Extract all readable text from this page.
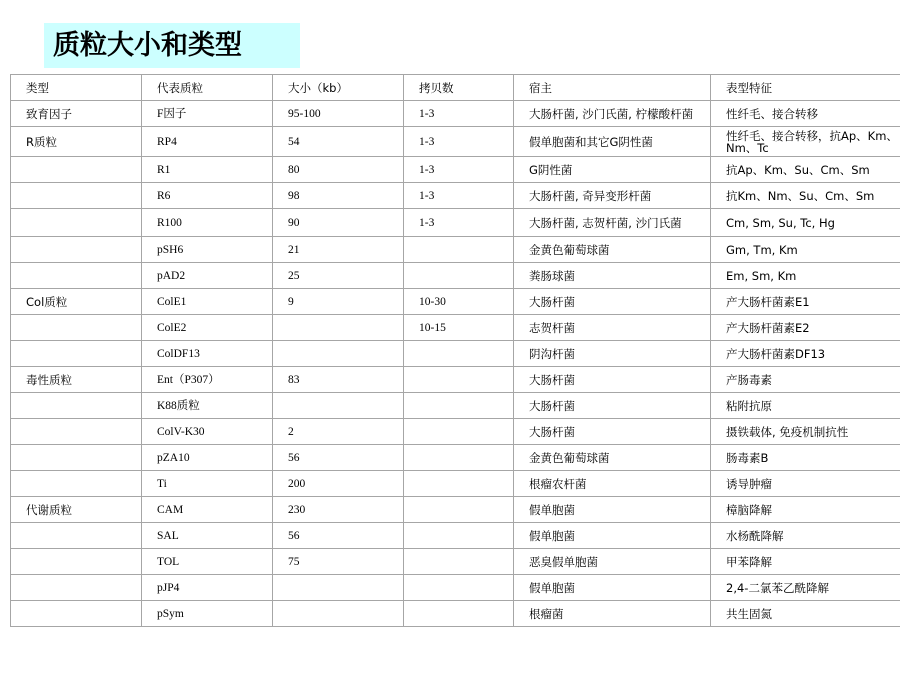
质粒大小和类型
类型	代表质粒	大小（kb）	拷贝数	宿主	表型特征
致育因子	F因子	95-100	1-3	大肠杆菌, 沙门氏菌, 柠檬酸杆菌	性纤毛、接合转移
R质粒	RP4	54	1-3	假单胞菌和其它G阴性菌	性纤毛、接合转移，抗Ap、Km、Nm、Tc
	R1	80	1-3	G阴性菌	抗Ap、Km、Su、Cm、Sm
	R6	98	1-3	大肠杆菌, 奇异变形杆菌	抗Km、Nm、Su、Cm、Sm
	R100	90	1-3	大肠杆菌, 志贺杆菌, 沙门氏菌	Cm, Sm, Su, Tc, Hg
	pSH6	21		金黄色葡萄球菌	Gm, Tm, Km
	pAD2	25		粪肠球菌	Em, Sm, Km
Col质粒	ColE1	9	10-30	大肠杆菌	产大肠杆菌素E1
	ColE2		10-15	志贺杆菌	产大肠杆菌素E2
	ColDF13			阴沟杆菌	产大肠杆菌素DF13
毒性质粒	Ent（P307）	83		大肠杆菌	产肠毒素
	K88质粒			大肠杆菌	粘附抗原
	ColV-K30	2		大肠杆菌	摄铁载体, 免疫机制抗性
	pZA10	56		金黄色葡萄球菌	肠毒素B
	Ti	200		根瘤农杆菌	诱导肿瘤
代谢质粒	CAM	230		假单胞菌	樟脑降解
	SAL	56		假单胞菌	水杨酰降解
	TOL	75		恶臭假单胞菌	甲苯降解
	pJP4			假单胞菌	2,4-二氯苯乙酰降解
	pSym			根瘤菌	共生固氮
